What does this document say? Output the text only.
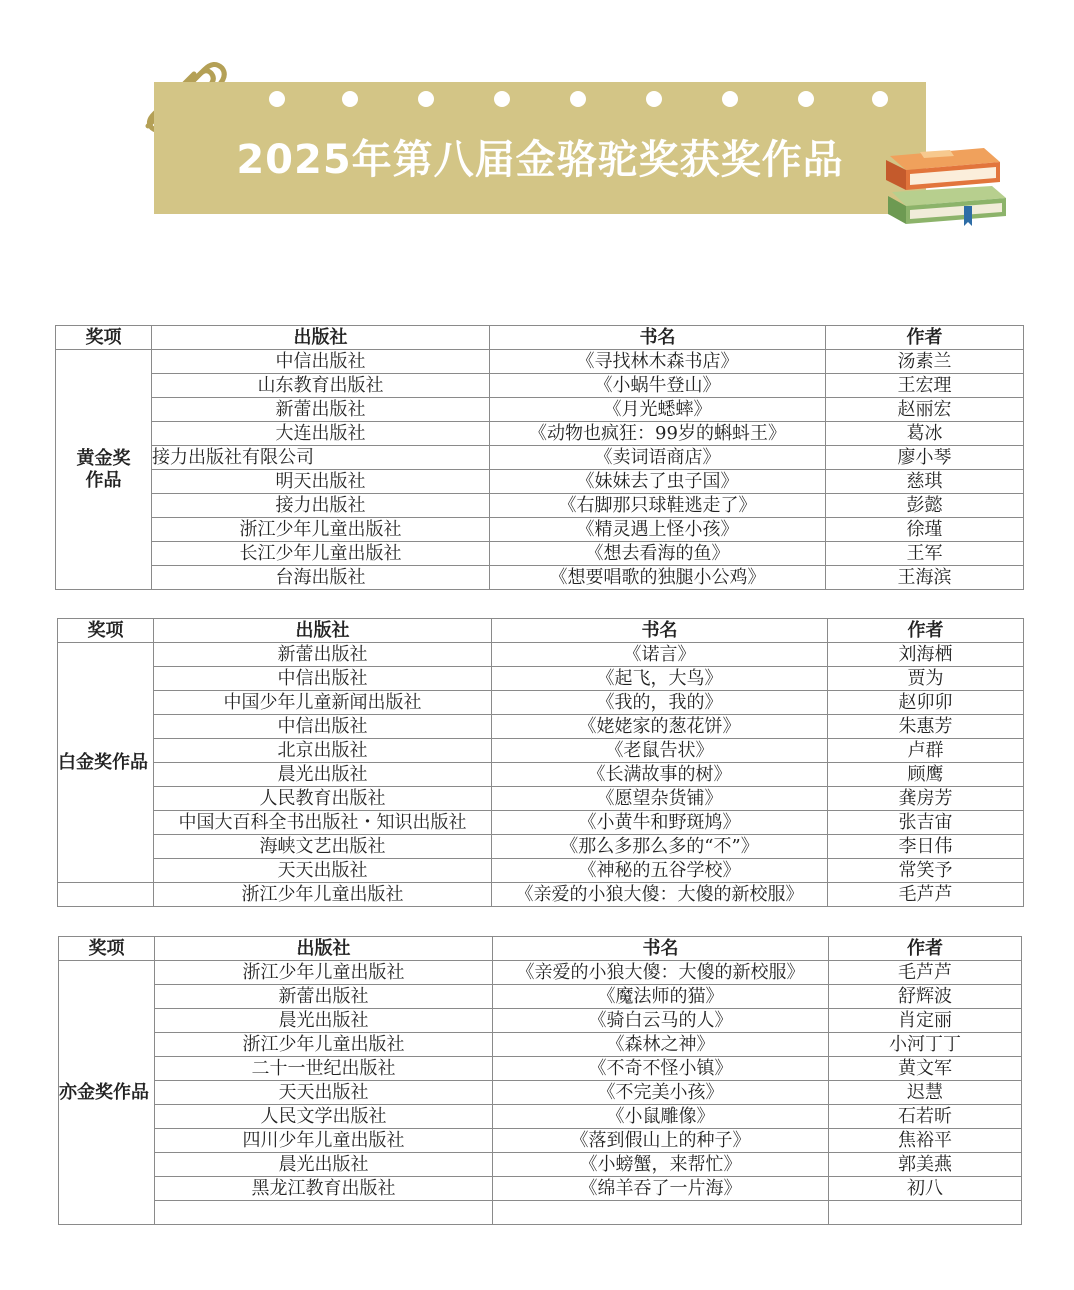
2025年第八届金骆驼奖获奖作品
奖项	出版社	书名	作者
黄金奖作品	中信出版社	《寻找林木森书店》	汤素兰
	山东教育出版社	《小蜗牛登山》	王宏理
	新蕾出版社	《月光蟋蟀》	赵丽宏
	大连出版社	《动物也疯狂：99岁的蝌蚪王》	葛冰
	接力出版社有限公司	《卖词语商店》	廖小琴
	明天出版社	《妹妹去了虫子国》	慈琪
	接力出版社	《右脚那只球鞋逃走了》	彭懿
	浙江少年儿童出版社	《精灵遇上怪小孩》	徐瑾
	长江少年儿童出版社	《想去看海的鱼》	王军
	台海出版社	《想要唱歌的独腿小公鸡》	王海滨
奖项	出版社	书名	作者
白金奖作品	新蕾出版社	《诺言》	刘海栖
	中信出版社	《起飞，大鸟》	贾为
	中国少年儿童新闻出版社	《我的，我的》	赵卯卯
	中信出版社	《姥姥家的葱花饼》	朱惠芳
	北京出版社	《老鼠告状》	卢群
	晨光出版社	《长满故事的树》	顾鹰
	人民教育出版社	《愿望杂货铺》	龚房芳
	中国大百科全书出版社・知识出版社	《小黄牛和野斑鸠》	张吉宙
	海峡文艺出版社	《那么多那么多的“不”》	李日伟
	天天出版社	《神秘的五谷学校》	常笑予
	浙江少年儿童出版社	《亲爱的小狼大傻：大傻的新校服》	毛芦芦
奖项	出版社	书名	作者
亦金奖作品	浙江少年儿童出版社	《亲爱的小狼大傻：大傻的新校服》	毛芦芦
	新蕾出版社	《魔法师的猫》	舒辉波
	晨光出版社	《骑白云马的人》	肖定丽
	浙江少年儿童出版社	《森林之神》	小河丁丁
	二十一世纪出版社	《不奇不怪小镇》	黄文军
	天天出版社	《不完美小孩》	迟慧
	人民文学出版社	《小鼠雕像》	石若昕
	四川少年儿童出版社	《落到假山上的种子》	焦裕平
	晨光出版社	《小螃蟹，来帮忙》	郭美燕
	黑龙江教育出版社	《绵羊吞了一片海》	初八
